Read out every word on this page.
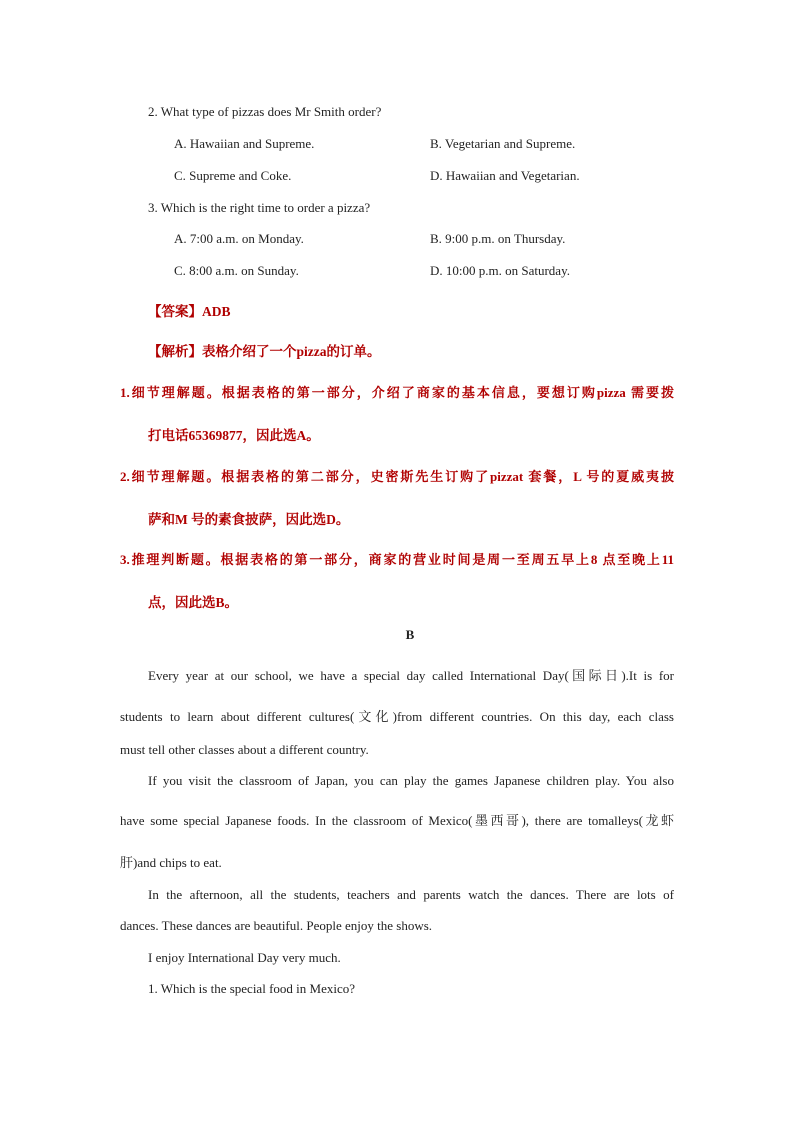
2. What type of pizzas does Mr Smith order?
A. Hawaiian and Supreme.	B. Vegetarian and Supreme.
C. Supreme and Coke.	D. Hawaiian and Vegetarian.
3. Which is the right time to order a pizza?
A. 7:00 a.m. on Monday.	B. 9:00 p.m. on Thursday.
C. 8:00 a.m. on Sunday.	D. 10:00 p.m. on Saturday.
【答案】ADB
【解析】表格介绍了一个pizza的订单。
1.细节理解题。根据表格的第一部分，介绍了商家的基本信息，要想订购pizza 需要拨
打电话65369877，因此选A。
2.细节理解题。根据表格的第二部分，史密斯先生订购了pizzat 套餐，L 号的夏威夷披
萨和M 号的素食披萨，因此选D。
3.推理判断题。根据表格的第一部分，商家的营业时间是周一至周五早上8 点至晚上11
点，因此选B。
B
Every year at our school, we have a special day called International Day(国际日).It is for
students to learn about different cultures(文化)from different countries. On this day, each class
must tell other classes about a different country.
If you visit the classroom of Japan, you can play the games Japanese children play. You also
have some special Japanese foods. In the classroom of Mexico(墨西哥), there are tomalleys(龙虾
肝)and chips to eat.
In the afternoon, all the students, teachers and parents watch the dances. There are lots of
dances. These dances are beautiful. People enjoy the shows.
I enjoy International Day very much.
1. Which is the special food in Mexico?
